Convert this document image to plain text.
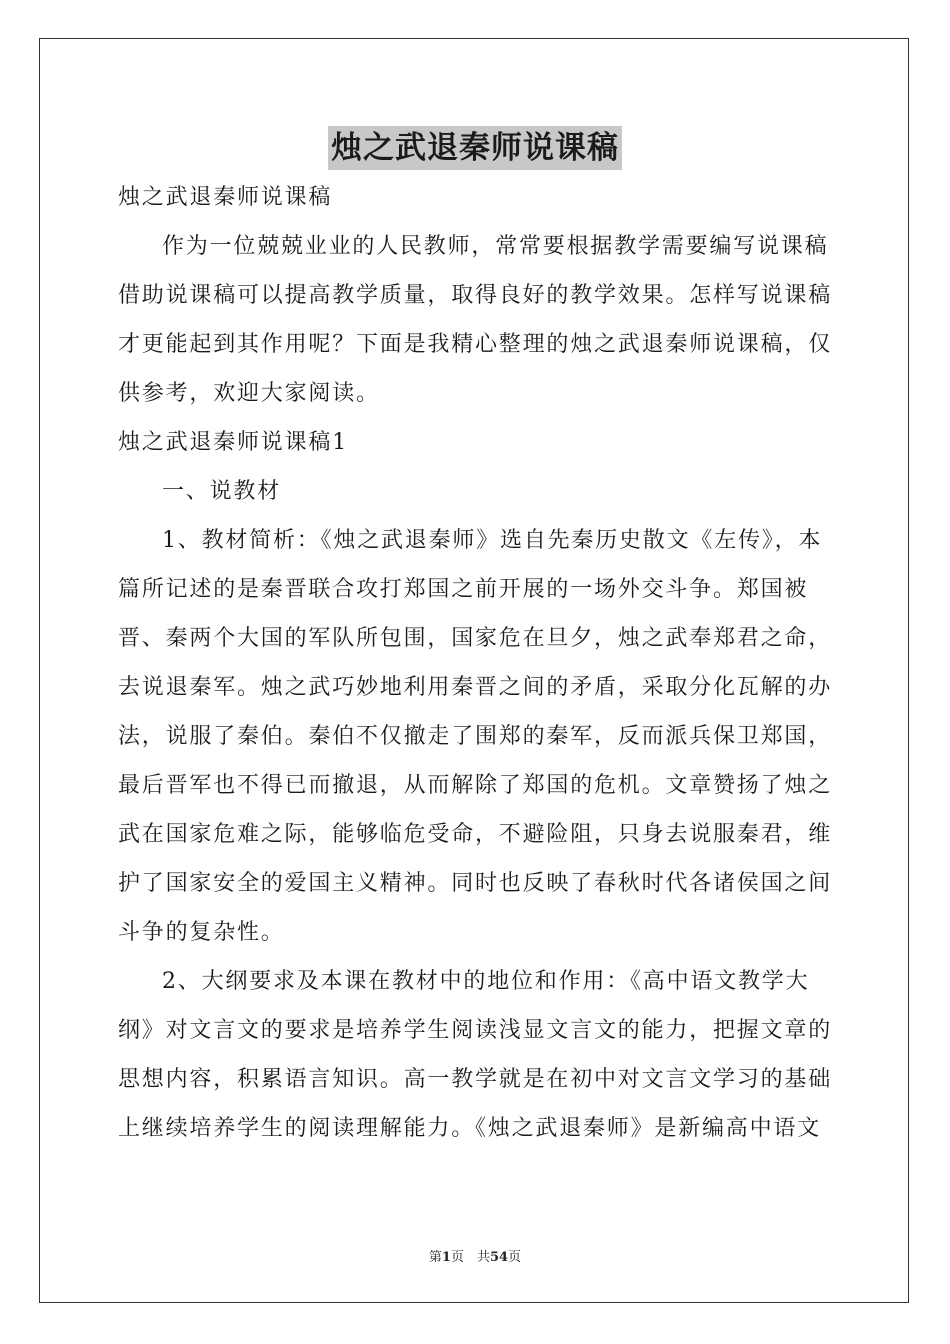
烛之武退秦师说课稿

烛之武退秦师说课稿

作为一位兢兢业业的人民教师，常常要根据教学需要编写说课稿借助说课稿可以提高教学质量，取得良好的教学效果。怎样写说课稿才更能起到其作用呢？下面是我精心整理的烛之武退秦师说课稿，仅供参考，欢迎大家阅读。

烛之武退秦师说课稿1

一、说教材

1、教材简析：《烛之武退秦师》选自先秦历史散文《左传》，本篇所记述的是秦晋联合攻打郑国之前开展的一场外交斗争。郑国被晋、秦两个大国的军队所包围，国家危在旦夕，烛之武奉郑君之命，去说退秦军。烛之武巧妙地利用秦晋之间的矛盾，采取分化瓦解的办法，说服了秦伯。秦伯不仅撤走了围郑的秦军，反而派兵保卫郑国，最后晋军也不得已而撤退，从而解除了郑国的危机。文章赞扬了烛之武在国家危难之际，能够临危受命，不避险阻，只身去说服秦君，维护了国家安全的爱国主义精神。同时也反映了春秋时代各诸侯国之间斗争的复杂性。

2、大纲要求及本课在教材中的地位和作用：《高中语文教学大纲》对文言文的要求是培养学生阅读浅显文言文的能力，把握文章的思想内容，积累语言知识。高一教学就是在初中对文言文学习的基础上继续培养学生的阅读理解能力。《烛之武退秦师》是新编高中语文

第1页　共54页
